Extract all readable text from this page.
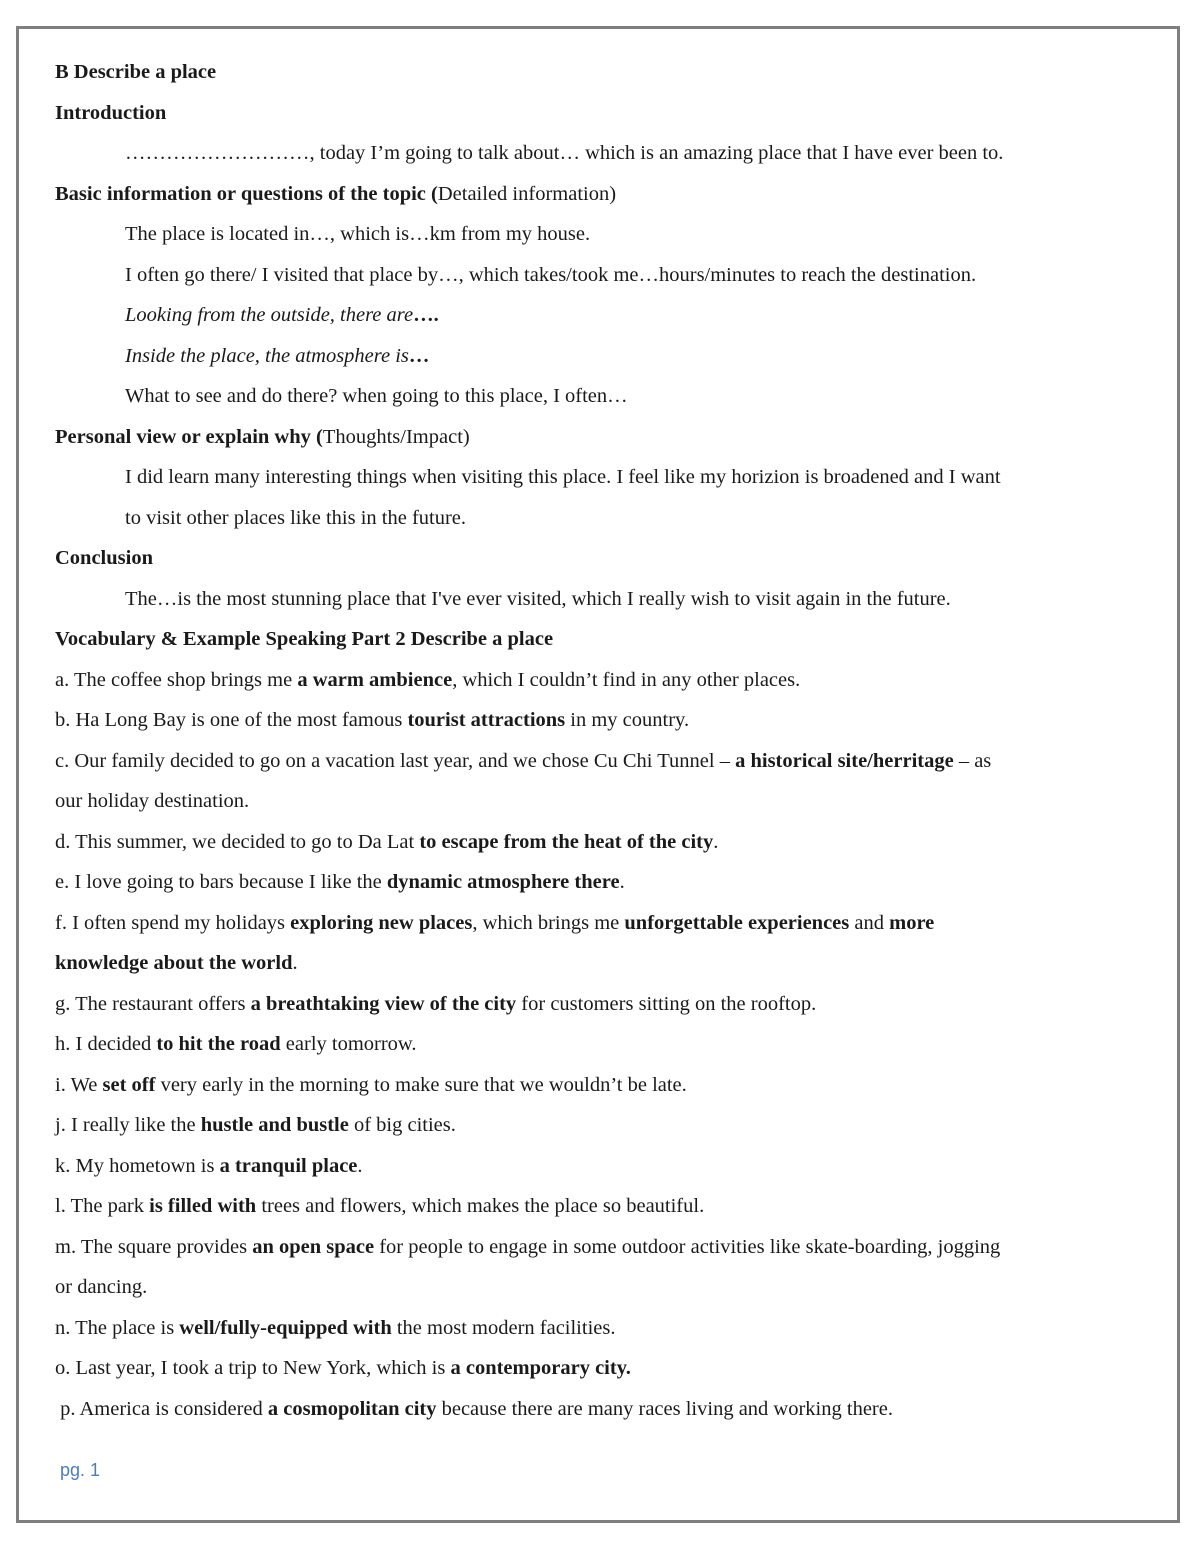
B Describe a place
Introduction
………………………, today I’m going to talk about… which is an amazing place that I have ever been to.
Basic information or questions of the topic (Detailed information)
The place is located in…, which is…km from my house.
I often go there/ I visited that place by…, which takes/took me…hours/minutes to reach the destination.
Looking from the outside, there are….
Inside the place, the atmosphere is…
What to see and do there? when going to this place, I often…
Personal view or explain why (Thoughts/Impact)
I did learn many interesting things when visiting this place. I feel like my horizion is broadened and I want
to visit other places like this in the future.
Conclusion
The…is the most stunning place that I've ever visited, which I really wish to visit again in the future.
Vocabulary & Example Speaking Part 2 Describe a place
a. The coffee shop brings me a warm ambience, which I couldn’t find in any other places.
b. Ha Long Bay is one of the most famous tourist attractions in my country.
c. Our family decided to go on a vacation last year, and we chose Cu Chi Tunnel – a historical site/herritage – as
our holiday destination.
d. This summer, we decided to go to Da Lat to escape from the heat of the city.
e. I love going to bars because I like the dynamic atmosphere there.
f. I often spend my holidays exploring new places, which brings me unforgettable experiences and more
knowledge about the world.
g. The restaurant offers a breathtaking view of the city for customers sitting on the rooftop.
h. I decided to hit the road early tomorrow.
i. We set off very early in the morning to make sure that we wouldn’t be late.
j. I really like the hustle and bustle of big cities.
k. My hometown is a tranquil place.
l. The park is filled with trees and flowers, which makes the place so beautiful.
m. The square provides an open space for people to engage in some outdoor activities like skate-boarding, jogging
or dancing.
n. The place is well/fully-equipped with the most modern facilities.
o. Last year, I took a trip to New York, which is a contemporary city.
p. America is considered a cosmopolitan city because there are many races living and working there.
pg. 1
